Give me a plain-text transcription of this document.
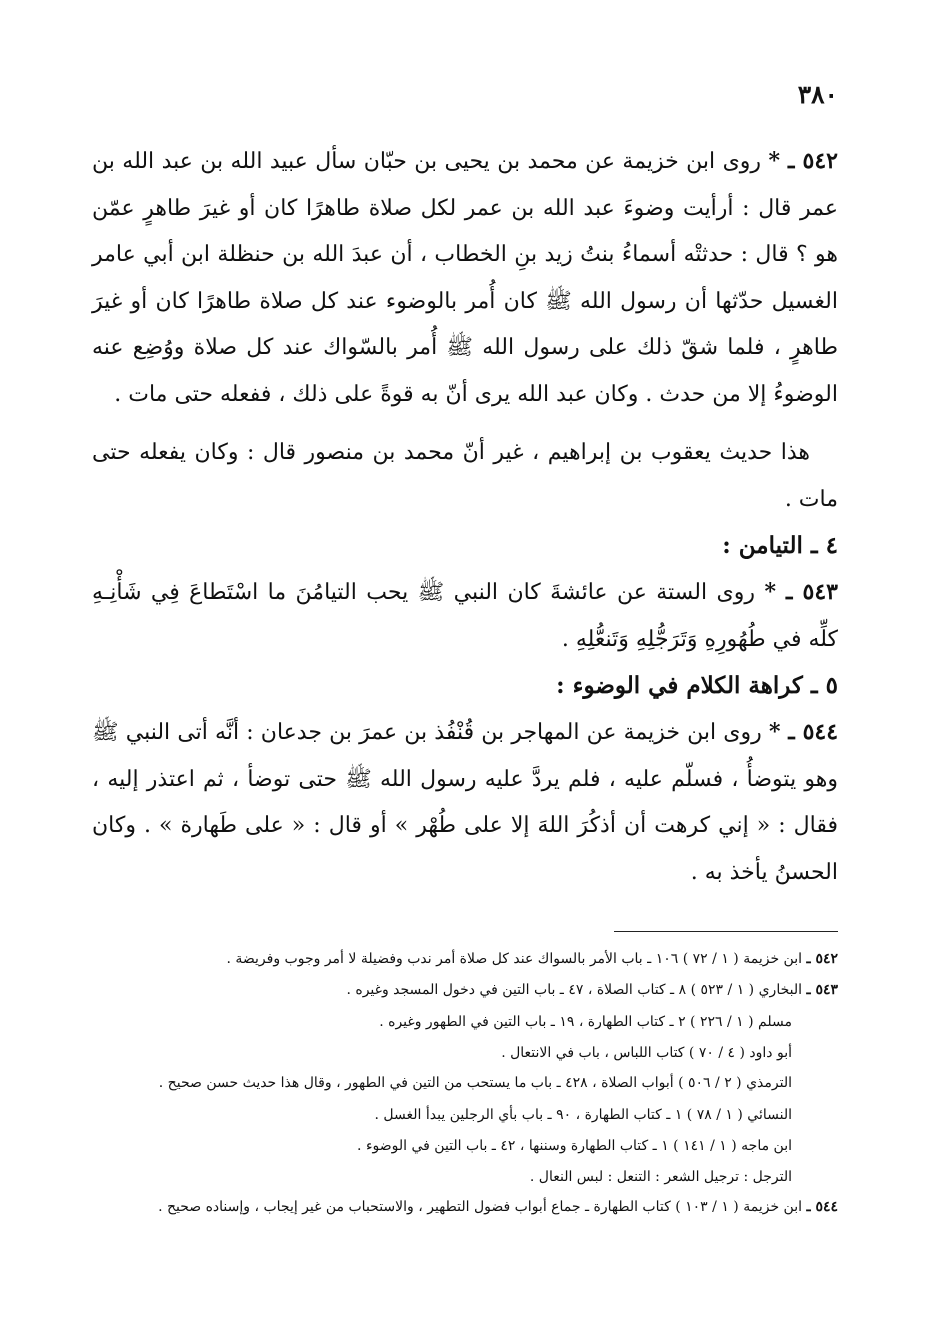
٣٨٠

٥٤٢ ـ * روى ابن خزيمة عن محمد بن يحيى بن حبّان سأل عبيد الله بن عبد الله بن عمر قال : أرأيت وضوءَ عبد الله بن عمر لكل صلاة طاهرًا كان أو غيرَ طاهرٍ عمّن هو ؟ قال : حدثتْه أسماءُ بنتُ زيد بنِ الخطاب ، أن عبدَ الله بن حنظلة ابن أبي عامر الغسيل حدّثها أن رسول الله ﷺ كان أُمر بالوضوء عند كل صلاة طاهرًا كان أو غيرَ طاهرٍ ، فلما شقّ ذلك على رسول الله ﷺ أُمر بالسّواك عند كل صلاة ووُضِع عنه الوضوءُ إلا من حدث . وكان عبد الله يرى أنّ به قوةً على ذلك ، ففعله حتى مات .

هذا حديث يعقوب بن إبراهيم ، غير أنّ محمد بن منصور قال : وكان يفعله حتى مات .

٤ ـ التيامن :

٥٤٣ ـ * روى الستة عن عائشةَ كان النبي ﷺ يحب التيامُنَ ما اسْتَطاعَ فِي شَأْنِـهِ كلِّه في طُهُورِهِ وَتَرَجُّلِهِ وَتَنعُّلِهِ .

٥ ـ كراهة الكلام في الوضوء :

٥٤٤ ـ * روى ابن خزيمة عن المهاجر بن قُنْفُذ بن عمرَ بن جدعان : أنَّه أتى النبي ﷺ وهو يتوضأُ ، فسلّم عليه ، فلم يردَّ عليه رسول الله ﷺ حتى توضأ ، ثم اعتذر إليه ، فقال : « إني كرهت أن أذكُرَ اللهَ إلا على طُهْر » أو قال : « على طَهارة » . وكان الحسنُ يأخذ به .

٥٤٢ ـ ابن خزيمة ( ١ / ٧٢ ) ١٠٦ ـ باب الأمر بالسواك عند كل صلاة أمر ندب وفضيلة لا أمر وجوب وفريضة .

٥٤٣ ـ البخاري ( ١ / ٥٢٣ ) ٨ ـ كتاب الصلاة ، ٤٧ ـ باب التين في دخول المسجد وغيره .

مسلم ( ١ / ٢٢٦ ) ٢ ـ كتاب الطهارة ، ١٩ ـ باب التين في الطهور وغيره .

أبو داود ( ٤ / ٧٠ ) كتاب اللباس ، باب في الانتعال .

الترمذي ( ٢ / ٥٠٦ ) أبواب الصلاة ، ٤٢٨ ـ باب ما يستحب من التين في الطهور ، وقال هذا حديث حسن صحيح .

النسائي ( ١ / ٧٨ ) ١ ـ كتاب الطهارة ، ٩٠ ـ باب بأي الرجلين يبدأ الغسل .

ابن ماجه ( ١ / ١٤١ ) ١ ـ كتاب الطهارة وسننها ، ٤٢ ـ باب التين في الوضوء .

الترجل : ترجيل الشعر : التنعل : لبس النعال .

٥٤٤ ـ ابن خزيمة ( ١ / ١٠٣ ) كتاب الطهارة ـ جماع أبواب فضول التطهير ، والاستحباب من غير إيجاب ، وإسناده صحيح .
